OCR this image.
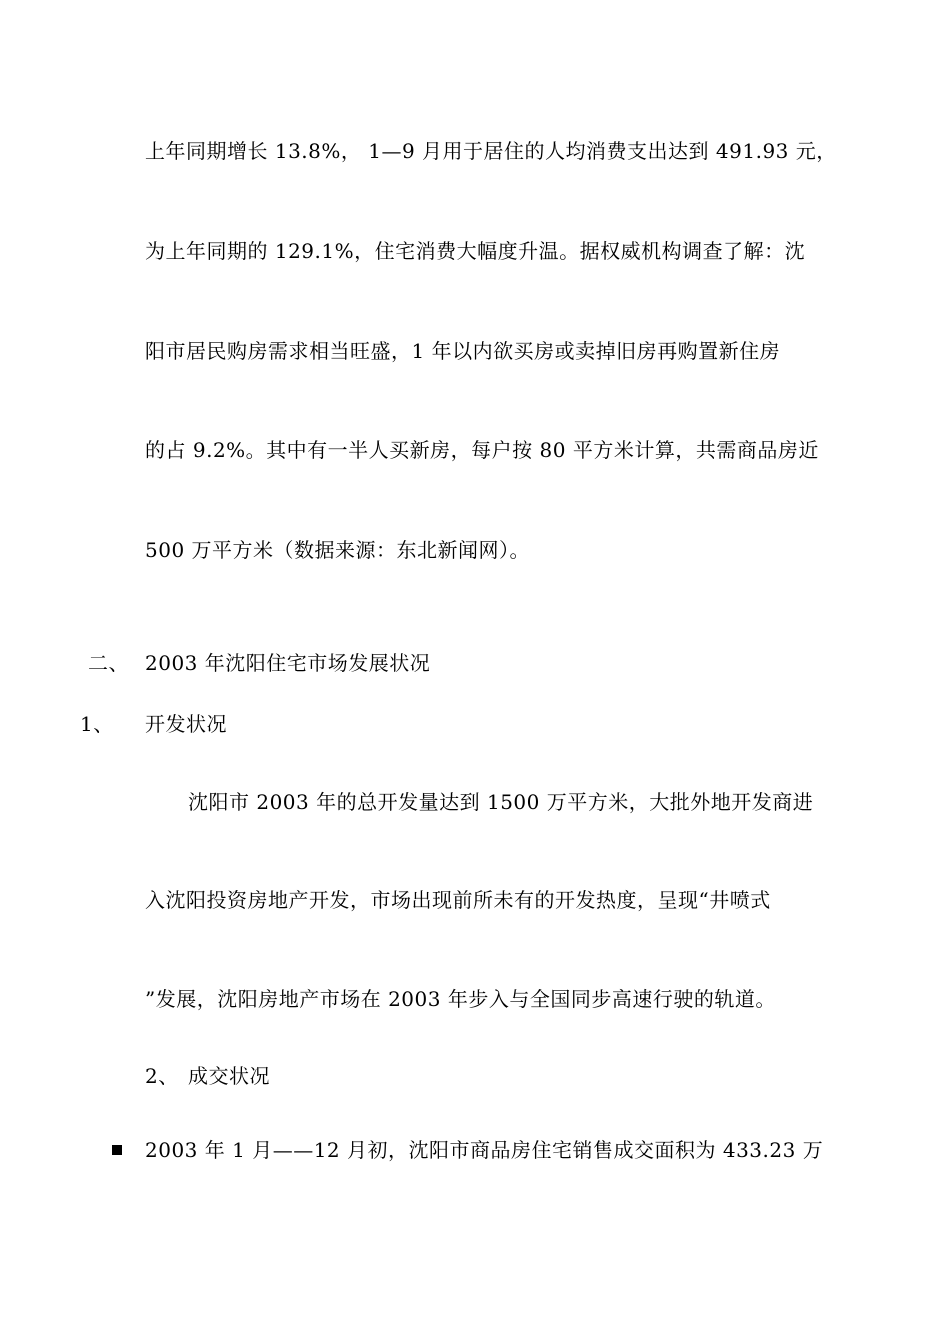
上年同期增长 13.8%， 1—9 月用于居住的人均消费支出达到 491.93 元，
为上年同期的 129.1%，住宅消费大幅度升温。据权威机构调查了解：沈
阳市居民购房需求相当旺盛，1 年以内欲买房或卖掉旧房再购置新住房
的占 9.2%。其中有一半人买新房，每户按 80 平方米计算，共需商品房近
500 万平方米（数据来源：东北新闻网）。
二、 2003 年沈阳住宅市场发展状况
1、 开发状况
沈阳市 2003 年的总开发量达到 1500 万平方米，大批外地开发商进
入沈阳投资房地产开发，市场出现前所未有的开发热度，呈现“井喷式
”发展，沈阳房地产市场在 2003 年步入与全国同步高速行驶的轨道。
2、 成交状况
2003 年 1 月——12 月初，沈阳市商品房住宅销售成交面积为 433.23 万
